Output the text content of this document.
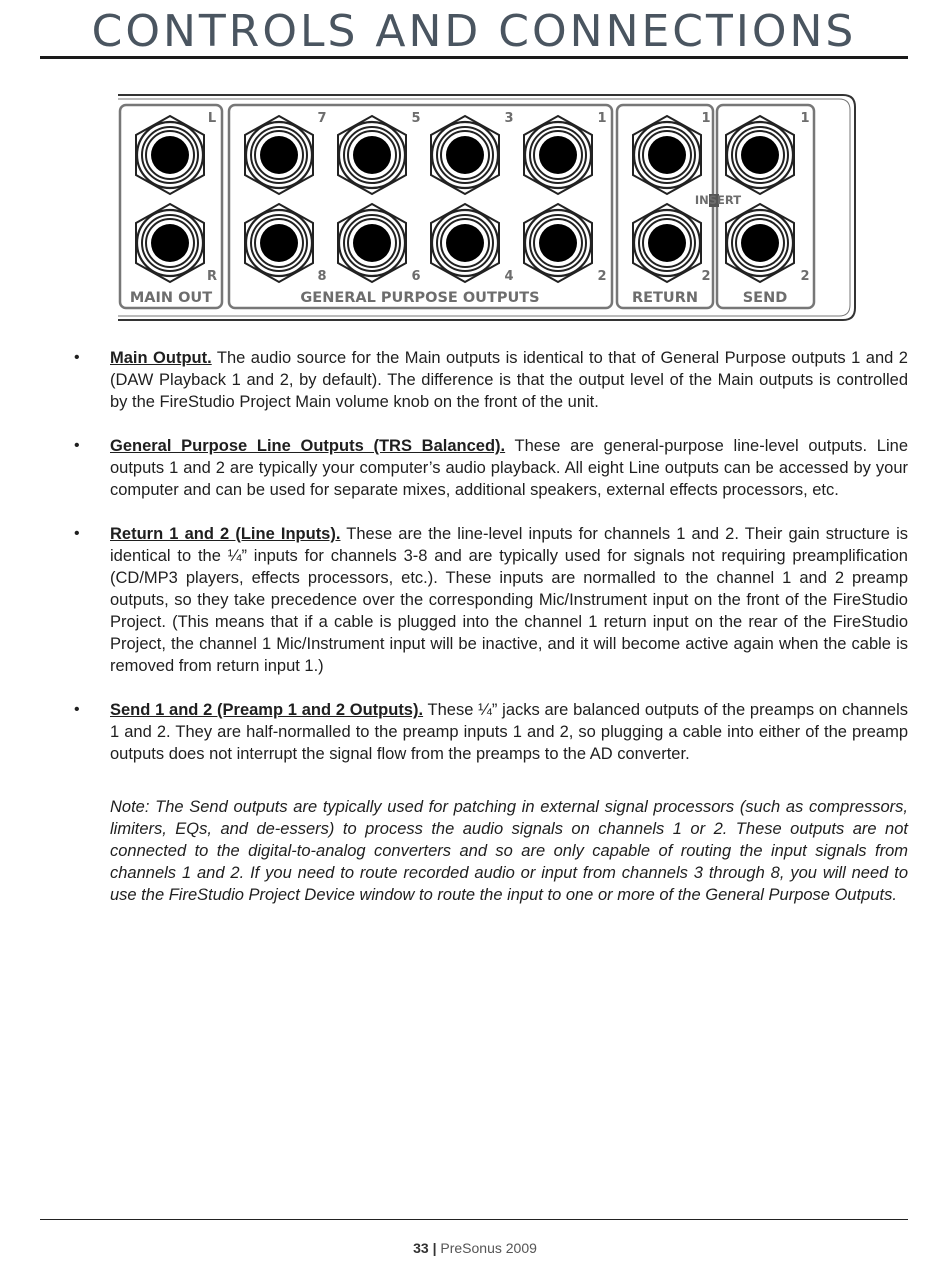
CONTROLS AND CONNECTIONS
L
R
7	5	3	1
8	6	4	2
1
2
1
2
INSERT
MAIN OUT	GENERAL PURPOSE OUTPUTS	RETURN	SEND
• Main Output. The audio source for the Main outputs is identical to that of General Purpose outputs 1 and 2 (DAW Playback 1 and 2, by default). The difference is that the output level of the Main outputs is controlled by the FireStudio Project Main volume knob on the front of the unit.
• General Purpose Line Outputs (TRS Balanced). These are general-purpose line-level outputs. Line outputs 1 and 2 are typically your computer’s audio playback. All eight Line outputs can be accessed by your computer and can be used for separate mixes, additional speakers, external effects processors, etc.
• Return 1 and 2 (Line Inputs). These are the line-level inputs for channels 1 and 2. Their gain structure is identical to the ¼” inputs for channels 3-8 and are typically used for signals not requiring preamplification (CD/MP3 players, effects processors, etc.). These inputs are normalled to the channel 1 and 2 preamp outputs, so they take precedence over the corresponding Mic/Instrument input on the front of the FireStudio Project. (This means that if a cable is plugged into the channel 1 return input on the rear of the FireStudio Project, the channel 1 Mic/Instrument input will be inactive, and it will become active again when the cable is removed from return input 1.)
• Send 1 and 2 (Preamp 1 and 2 Outputs). These ¼” jacks are balanced outputs of the preamps on channels 1 and 2. They are half-normalled to the preamp inputs 1 and 2, so plugging a cable into either of the preamp outputs does not interrupt the signal flow from the preamps to the AD converter.

Note: The Send outputs are typically used for patching in external signal processors (such as compressors, limiters, EQs, and de-essers) to process the audio signals on channels 1 or 2. These outputs are not connected to the digital-to-analog converters and so are only capable of routing the input signals from channels 1 and 2. If you need to route recorded audio or input from channels 3 through 8, you will need to use the FireStudio Project Device window to route the input to one or more of the General Purpose Outputs.

33 | PreSonus 2009
